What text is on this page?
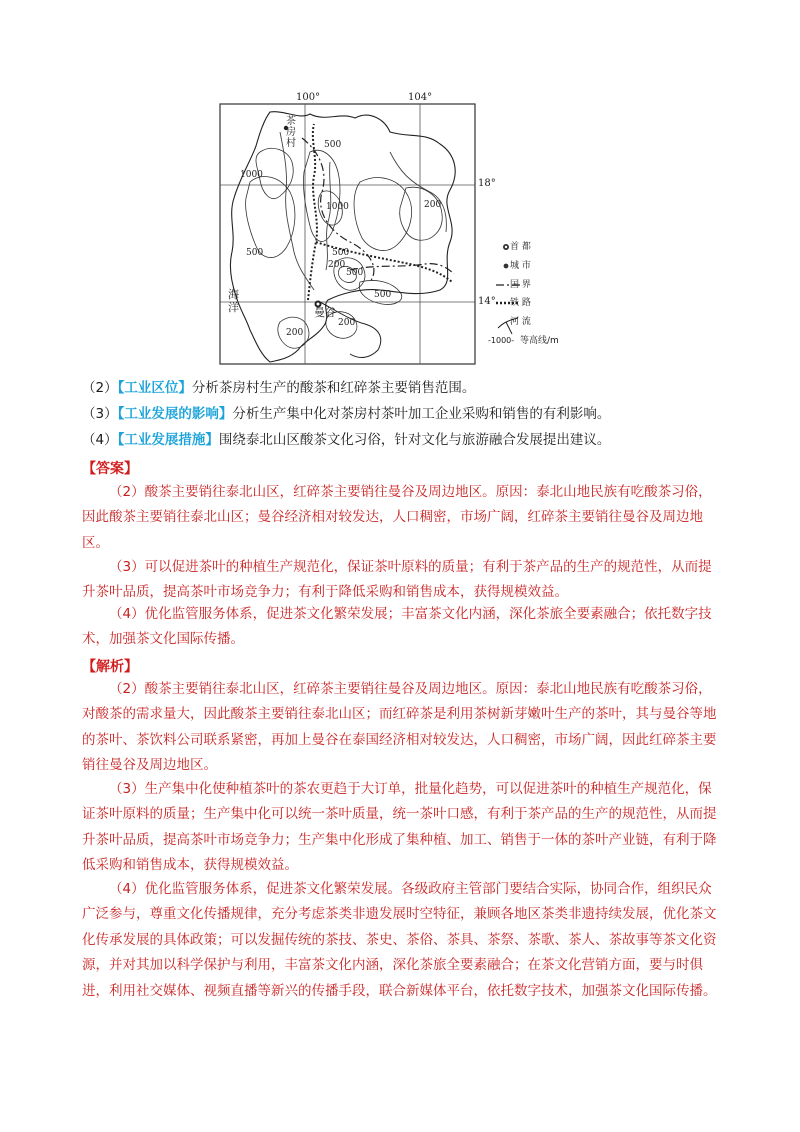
100°	104°
18°
14°
茶房村
海洋	曼谷
1000
500
1000
500
200
500
200
500
500
200
200
首 都
城 市
国 界
铁 路
河 流
-1000- 等高线/m
（2）【工业区位】分析茶房村生产的酸茶和红碎茶主要销售范围。
（3）【工业发展的影响】分析生产集中化对茶房村茶叶加工企业采购和销售的有利影响。
（4）【工业发展措施】围绕泰北山区酸茶文化习俗，针对文化与旅游融合发展提出建议。
【答案】
（2）酸茶主要销往泰北山区，红碎茶主要销往曼谷及周边地区。原因：泰北山地民族有吃酸茶习俗，因此酸茶主要销往泰北山区；曼谷经济相对较发达，人口稠密，市场广阔，红碎茶主要销往曼谷及周边地区。
（3）可以促进茶叶的种植生产规范化，保证茶叶原料的质量；有利于茶产品的生产的规范性，从而提升茶叶品质，提高茶叶市场竞争力；有利于降低采购和销售成本，获得规模效益。
（4）优化监管服务体系，促进茶文化繁荣发展；丰富茶文化内涵，深化茶旅全要素融合；依托数字技术，加强茶文化国际传播。
【解析】
（2）酸茶主要销往泰北山区，红碎茶主要销往曼谷及周边地区。原因：泰北山地民族有吃酸茶习俗，对酸茶的需求量大，因此酸茶主要销往泰北山区；而红碎茶是利用茶树新芽嫩叶生产的茶叶，其与曼谷等地的茶叶、茶饮料公司联系紧密，再加上曼谷在泰国经济相对较发达，人口稠密，市场广阔，因此红碎茶主要销往曼谷及周边地区。
（3）生产集中化使种植茶叶的茶农更趋于大订单，批量化趋势，可以促进茶叶的种植生产规范化，保证茶叶原料的质量；生产集中化可以统一茶叶质量，统一茶叶口感，有利于茶产品的生产的规范性，从而提升茶叶品质，提高茶叶市场竞争力；生产集中化形成了集种植、加工、销售于一体的茶叶产业链，有利于降低采购和销售成本，获得规模效益。
（4）优化监管服务体系，促进茶文化繁荣发展。各级政府主管部门要结合实际，协同合作，组织民众广泛参与，尊重文化传播规律，充分考虑茶类非遗发展时空特征，兼顾各地区茶类非遗持续发展，优化茶文化传承发展的具体政策；可以发掘传统的茶技、茶史、茶俗、茶具、茶祭、茶歌、茶人、茶故事等茶文化资源，并对其加以科学保护与利用，丰富茶文化内涵，深化茶旅全要素融合；在茶文化营销方面，要与时俱进，利用社交媒体、视频直播等新兴的传播手段，联合新媒体平台，依托数字技术，加强茶文化国际传播。
